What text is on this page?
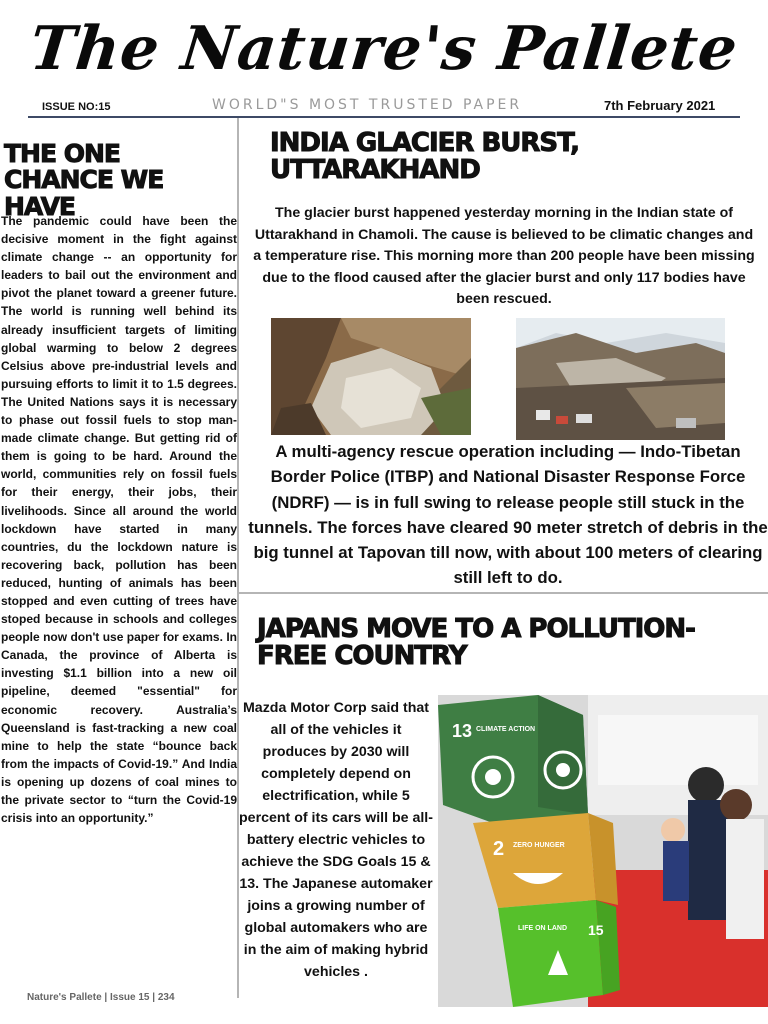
The Nature's Pallete
ISSUE NO:15	WORLD"S MOST TRUSTED PAPER	7th February 2021
THE ONE CHANCE WE HAVE
The pandemic could have been the decisive moment in the fight against climate change -- an opportunity for leaders to bail out the environment and pivot the planet toward a greener future. The world is running well behind its already insufficient targets of limiting global warming to below 2 degrees Celsius above pre-industrial levels and pursuing efforts to limit it to 1.5 degrees. The United Nations says it is necessary to phase out fossil fuels to stop man-made climate change. But getting rid of them is going to be hard. Around the world, communities rely on fossil fuels for their energy, their jobs, their livelihoods. Since all around the world lockdown have started in many countries, du the lockdown nature is recovering back, pollution has been reduced, hunting of animals has been stopped and even cutting of trees have stoped because in schools and colleges people now don't use paper for exams. In Canada, the province of Alberta is investing $1.1 billion into a new oil pipeline, deemed "essential" for economic recovery. Australia’s Queensland is fast-tracking a new coal mine to help the state “bounce back from the impacts of Covid-19.” And India is opening up dozens of coal mines to the private sector to “turn the Covid-19 crisis into an opportunity.”
INDIA GLACIER BURST, UTTARAKHAND
The glacier burst happened yesterday morning in the Indian state of Uttarakhand in Chamoli. The cause is believed to be climatic changes and a temperature rise. This morning more than 200 people have been missing due to the flood caused after the glacier burst and only 117 bodies have been rescued.
A multi-agency rescue operation including — Indo-Tibetan Border Police (ITBP) and National Disaster Response Force (NDRF) — is in full swing to release people still stuck in the tunnels. The forces have cleared 90 meter stretch of debris in the big tunnel at Tapovan till now, with about 100 meters of clearing still left to do.
JAPANS MOVE TO A POLLUTION-FREE COUNTRY
Mazda Motor Corp said that all of the vehicles it produces by 2030 will completely depend on electrification, while 5 percent of its cars will be all-battery electric vehicles to achieve the SDG Goals 15 & 13. The Japanese automaker joins a growing number of global automakers who are in the aim of making hybrid vehicles .
13 CLIMATE ACTION
2 ZERO HUNGER
15
LIFE ON LAND
Nature's Pallete | Issue 15 | 234
